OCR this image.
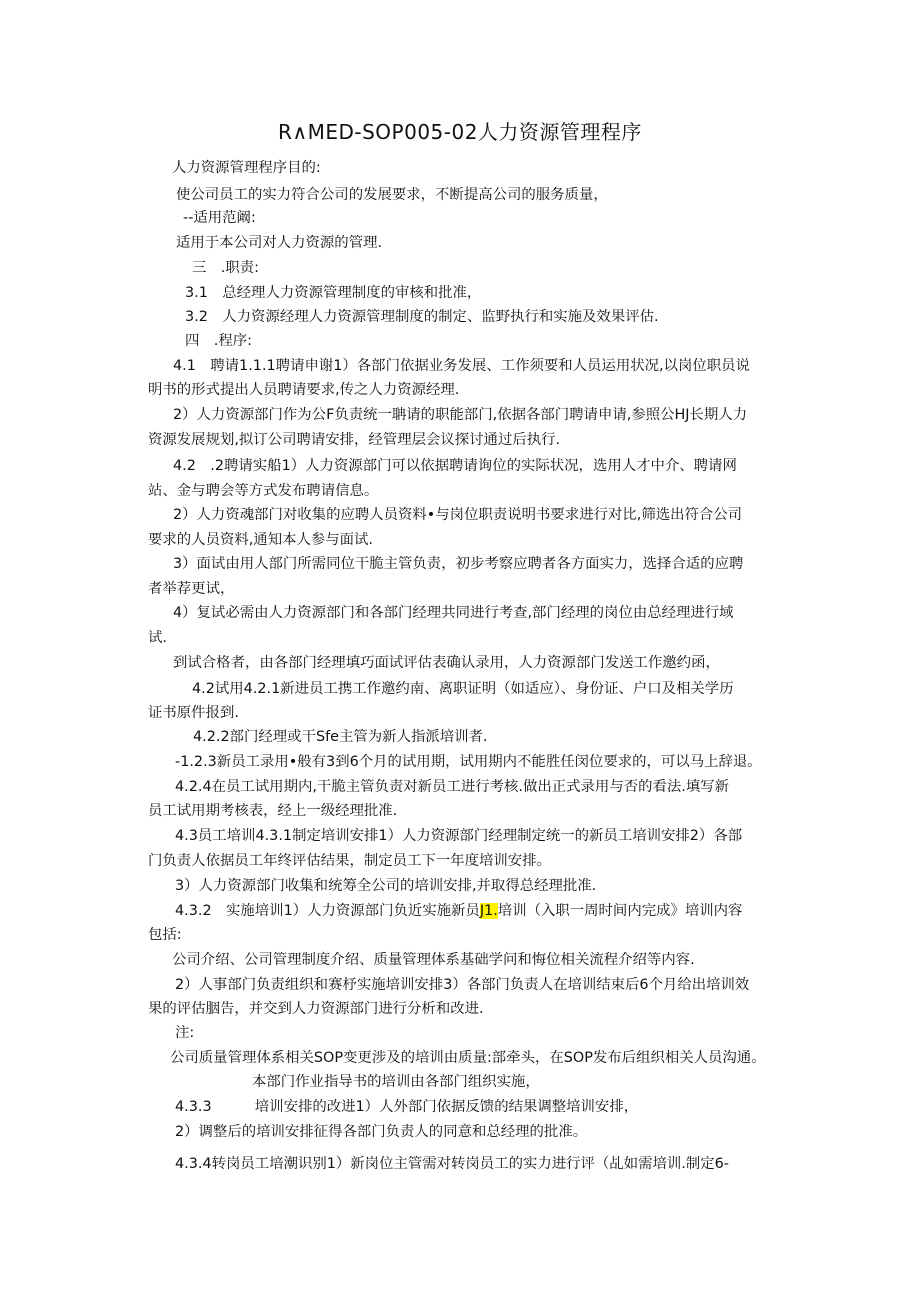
R∧MED-SOP005-02人力资源管理程序
人力资源管理程序目的:
使公司员工的实力符合公司的发展要求，不断提高公司的服务质量，
--适用范阚:
适用于本公司对人力资源的管理.
三　.职责:
3.1　总经理人力资源管理制度的审核和批准，
3.2　人力资源经理人力资源管理制度的制定、监野执行和实施及效果评估.
四　.程序:
4.1　聘请1.1.1聘请申谢1）各部门依据业务发展、工作须要和人员运用状况,以岗位职员说
明书的形式提出人员聘请要求,传之人力资源经理.
2）人力资源部门作为公F负责统一聃请的职能部门,依据各部门聘请申请,参照公HJ长期人力
资源发展规划,拟订公司聘请安排，经管理层会议探讨通过后执行.
4.2　.2聘请实船1）人力资源部门可以依据聘请询位的实际状况，选用人才中介、聘请网
站、金与聘会等方式发布聘请信息。
2）人力资魂部门对收集的应聘人员资料•与岗位职责说明书要求进行对比,筛选出符合公司
要求的人员资料,通知本人参与面试.
3）面试由用人部门所需同位干脆主管负责，初步考察应聘者各方面实力，选择合适的应聘
者举荐更试，
4）复试必需由人力资源部门和各部门经理共同进行考查,部门经理的岗位由总经理进行域
试.
到试合格者，由各部门经理填巧面试评估表确认录用，人力资源部门发送工作邀约函，
4.2试用4.2.1新进员工携工作邀约南、离职证明（如适应）、身份证、户口及相关学历
证书原件报到.
4.2.2部门经理或干Sfe主管为新人指派培训者.
-1.2.3新员工录用•般有3到6个月的试用期，试用期内不能胜任闵位要求的，可以马上辞退。
4.2.4在员工试用期内,干脆主管负责对新员工进行考核.做出正式录用与否的看法.填写新
员工试用期考核表，经上一级经理批准.
4.3员工培训4.3.1制定培训安排1）人力资源部门经理制定统一的新员工培训安排2）各部
门负责人依据员工年终评估结果，制定员工下一年度培训安排。
3）人力资源部门收集和统筹全公司的培训安排,并取得总经理批准.
4.3.2　实施培训1）人力资源部门负近实施新员J1.培训（入职一周时间内完成》培训内容
包括:
公司介绍、公司管理制度介绍、质量管理体系基础学问和悔位相关流程介绍等内容.
2）人事部门负责组织和赛杼实施培训安排3）各部门负责人在培训结束后6个月给出培训效
果的评估胭告，并交到人力资源部门进行分析和改进.
注:
公司质量管理体系相关SOP变更涉及的培训由质量:部牵头，在SOP发布后组织相关人员沟通。
本部门作业指导书的培训由各部门组织实施，
4.3.3　　　培训安排的改进1）人外部门依据反馈的结果调整培训安排，
2）调整后的培训安排征得各部门负责人的同意和总经理的批准。
4.3.4转岗员工培潮识别1）新岗位主管需对转岗员工的实力进行评（乩如需培训.制定6-
